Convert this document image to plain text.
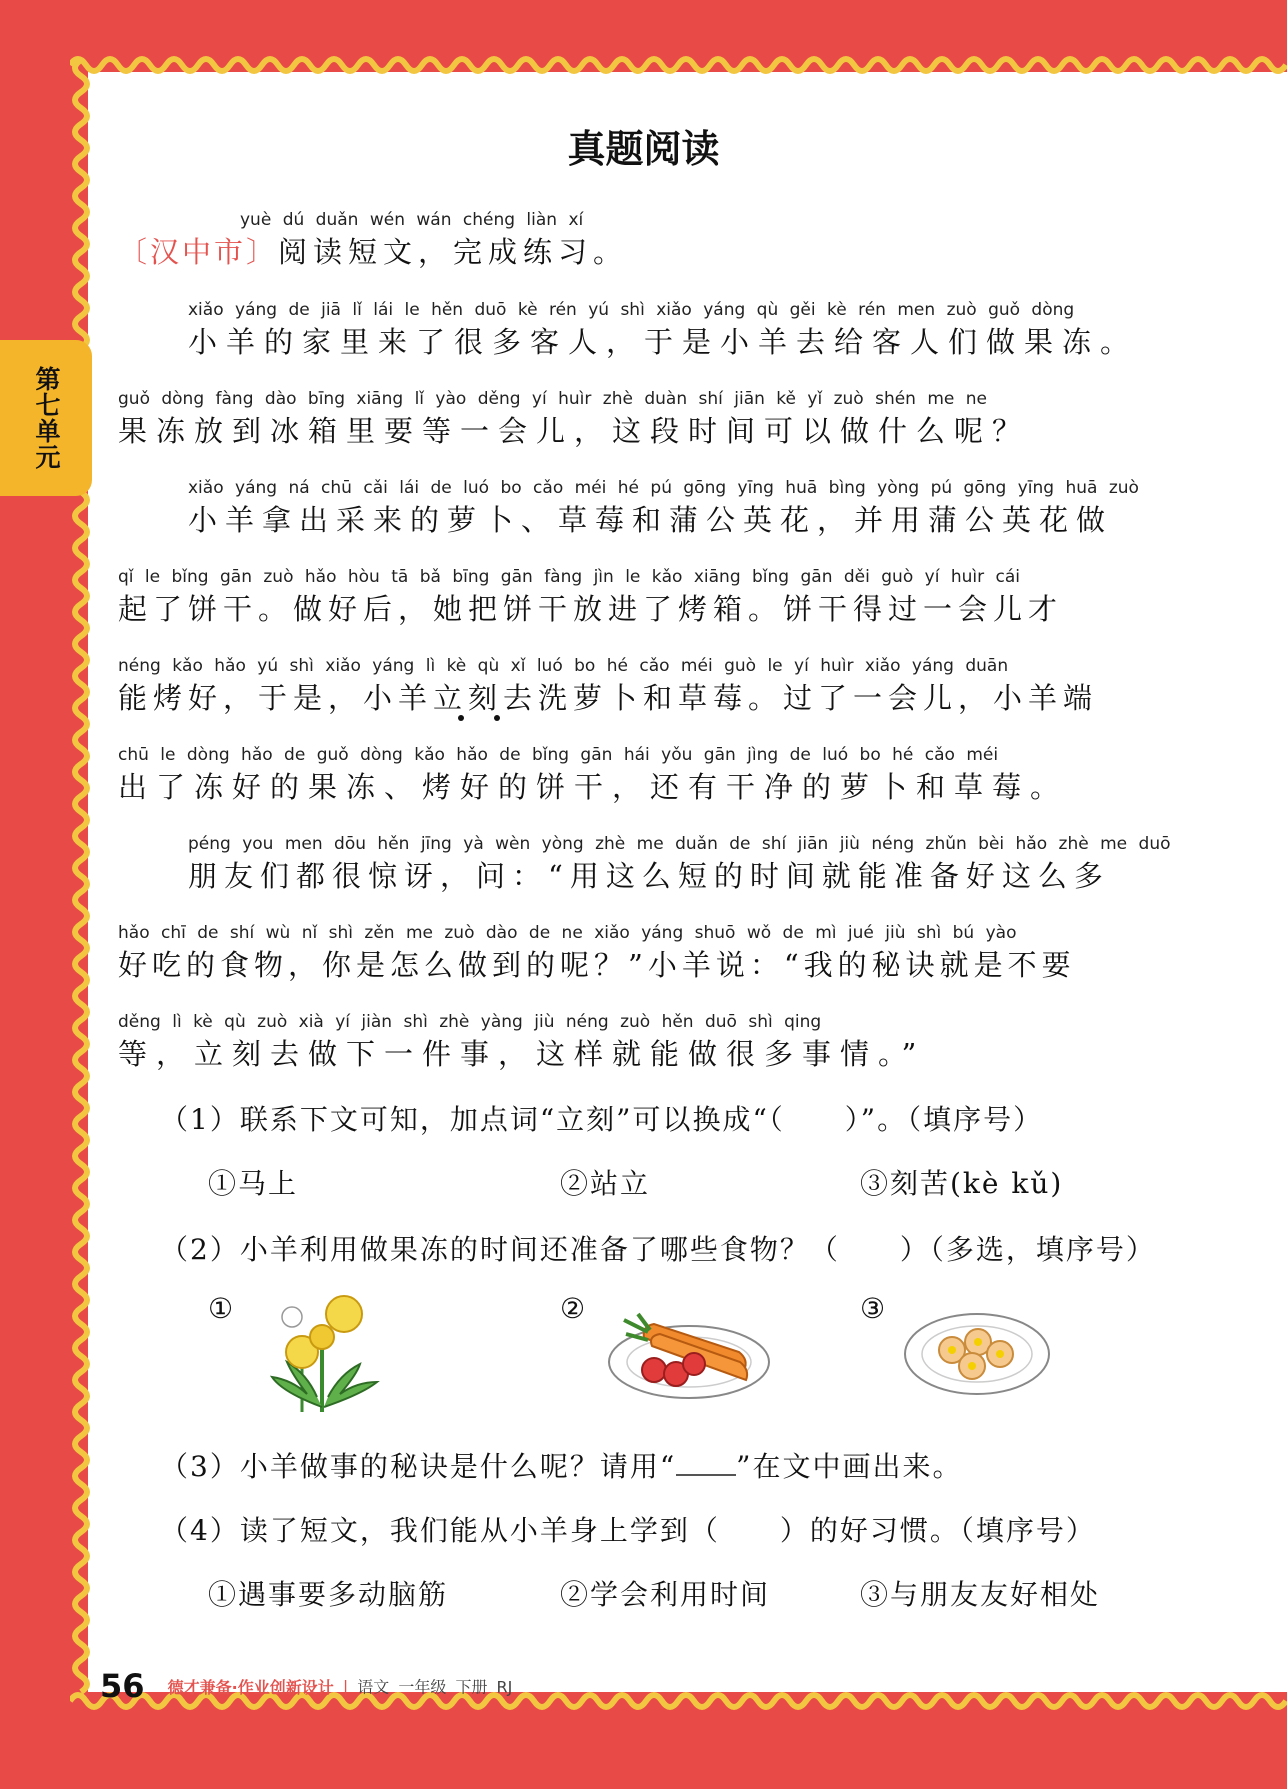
第七单元
真题阅读
yuè dú duǎn wén wán chéng liàn xí
〔汉中市〕阅读短文，完成练习。
xiǎo yáng de jiā lǐ lái le hěn duō kè rén yú shì xiǎo yáng qù gěi kè rén men zuò guǒ dòng
小羊的家里来了很多客人，于是小羊去给客人们做果冻。
guǒ dòng fàng dào bīng xiāng lǐ yào děng yí huìr zhè duàn shí jiān kě yǐ zuò shén me ne
果冻放到冰箱里要等一会儿，这段时间可以做什么呢？
xiǎo yáng ná chū cǎi lái de luó bo cǎo méi hé pú gōng yīng huā bìng yòng pú gōng yīng huā zuò
小羊拿出采来的萝卜、草莓和蒲公英花，并用蒲公英花做
qǐ le bǐng gān zuò hǎo hòu tā bǎ bīng gān fàng jìn le kǎo xiāng bǐng gān děi guò yí huìr cái
起了饼干。做好后，她把饼干放进了烤箱。饼干得过一会儿才
néng kǎo hǎo yú shì xiǎo yáng lì kè qù xǐ luó bo hé cǎo méi guò le yí huìr xiǎo yáng duān
能烤好，于是，小羊立刻去洗萝卜和草莓。过了一会儿，小羊端
chū le dòng hǎo de guǒ dòng kǎo hǎo de bǐng gān hái yǒu gān jìng de luó bo hé cǎo méi
出了冻好的果冻、烤好的饼干，还有干净的萝卜和草莓。
péng you men dōu hěn jīng yà wèn yòng zhè me duǎn de shí jiān jiù néng zhǔn bèi hǎo zhè me duō
朋友们都很惊讶，问：“用这么短的时间就能准备好这么多
hǎo chī de shí wù nǐ shì zěn me zuò dào de ne xiǎo yáng shuō wǒ de mì jué jiù shì bú yào
好吃的食物，你是怎么做到的呢？”小羊说：“我的秘诀就是不要
děng lì kè qù zuò xià yí jiàn shì zhè yàng jiù néng zuò hěn duō shì qing
等，立刻去做下一件事，这样就能做很多事情。”
（1）联系下文可知，加点词“立刻”可以换成“（　　）”。（填序号）
①马上	②站立	③刻苦(kè kǔ)
（2）小羊利用做果冻的时间还准备了哪些食物？（　　）（多选，填序号）
①	②	③
（3）小羊做事的秘诀是什么呢？请用“ ”在文中画出来。
（4）读了短文，我们能从小羊身上学到（　　）的好习惯。（填序号）
①遇事要多动脑筋	②学会利用时间	③与朋友友好相处
56 德才兼备·作业创新设计 | 语文 一年级 下册 RJ
